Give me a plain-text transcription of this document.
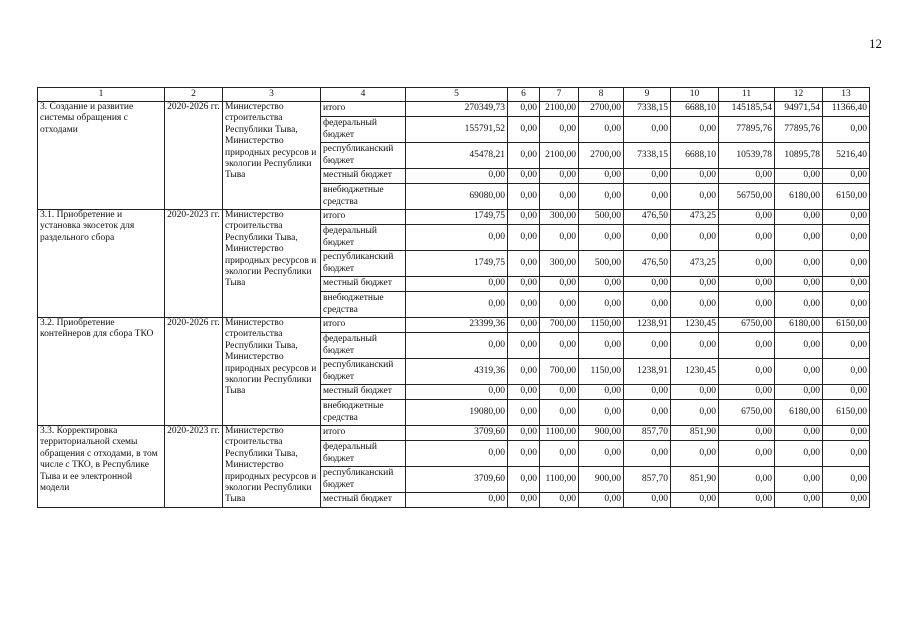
12
1	2	3	4	5	6	7	8	9	10	11	12	13
3. Создание и развитие системы обращения с отходами	2020-2026 гг.	Министерство строительства Республики Тыва, Министерство природных ресурсов и экологии Республики Тыва	итого	270349,73	0,00	2100,00	2700,00	7338,15	6688,10	145185,54	94971,54	11366,40
			федеральный бюджет	155791,52	0,00	0,00	0,00	0,00	0,00	77895,76	77895,76	0,00
			республиканский бюджет	45478,21	0,00	2100,00	2700,00	7338,15	6688,10	10539,78	10895,78	5216,40
			местный бюджет	0,00	0,00	0,00	0,00	0,00	0,00	0,00	0,00	0,00
			внебюджетные средства	69080,00	0,00	0,00	0,00	0,00	0,00	56750,00	6180,00	6150,00
3.1. Приобретение и установка экосеток для раздельного сбора	2020-2023 гг.	Министерство строительства Республики Тыва, Министерство природных ресурсов и экологии Республики Тыва	итого	1749,75	0,00	300,00	500,00	476,50	473,25	0,00	0,00	0,00
			федеральный бюджет	0,00	0,00	0,00	0,00	0,00	0,00	0,00	0,00	0,00
			республиканский бюджет	1749,75	0,00	300,00	500,00	476,50	473,25	0,00	0,00	0,00
			местный бюджет	0,00	0,00	0,00	0,00	0,00	0,00	0,00	0,00	0,00
			внебюджетные средства	0,00	0,00	0,00	0,00	0,00	0,00	0,00	0,00	0,00
3.2. Приобретение контейнеров для сбора ТКО	2020-2026 гг.	Министерство строительства Республики Тыва, Министерство природных ресурсов и экологии Республики Тыва	итого	23399,36	0,00	700,00	1150,00	1238,91	1230,45	6750,00	6180,00	6150,00
			федеральный бюджет	0,00	0,00	0,00	0,00	0,00	0,00	0,00	0,00	0,00
			республиканский бюджет	4319,36	0,00	700,00	1150,00	1238,91	1230,45	0,00	0,00	0,00
			местный бюджет	0,00	0,00	0,00	0,00	0,00	0,00	0,00	0,00	0,00
			внебюджетные средства	19080,00	0,00	0,00	0,00	0,00	0,00	6750,00	6180,00	6150,00
3.3. Корректировка территориальной схемы обращения с отходами, в том числе с ТКО, в Республике Тыва и ее электронной модели	2020-2023 гг.	Министерство строительства Республики Тыва, Министерство природных ресурсов и экологии Республики Тыва	итого	3709,60	0,00	1100,00	900,00	857,70	851,90	0,00	0,00	0,00
			федеральный бюджет	0,00	0,00	0,00	0,00	0,00	0,00	0,00	0,00	0,00
			республиканский бюджет	3709,60	0,00	1100,00	900,00	857,70	851,90	0,00	0,00	0,00
			местный бюджет	0,00	0,00	0,00	0,00	0,00	0,00	0,00	0,00	0,00
